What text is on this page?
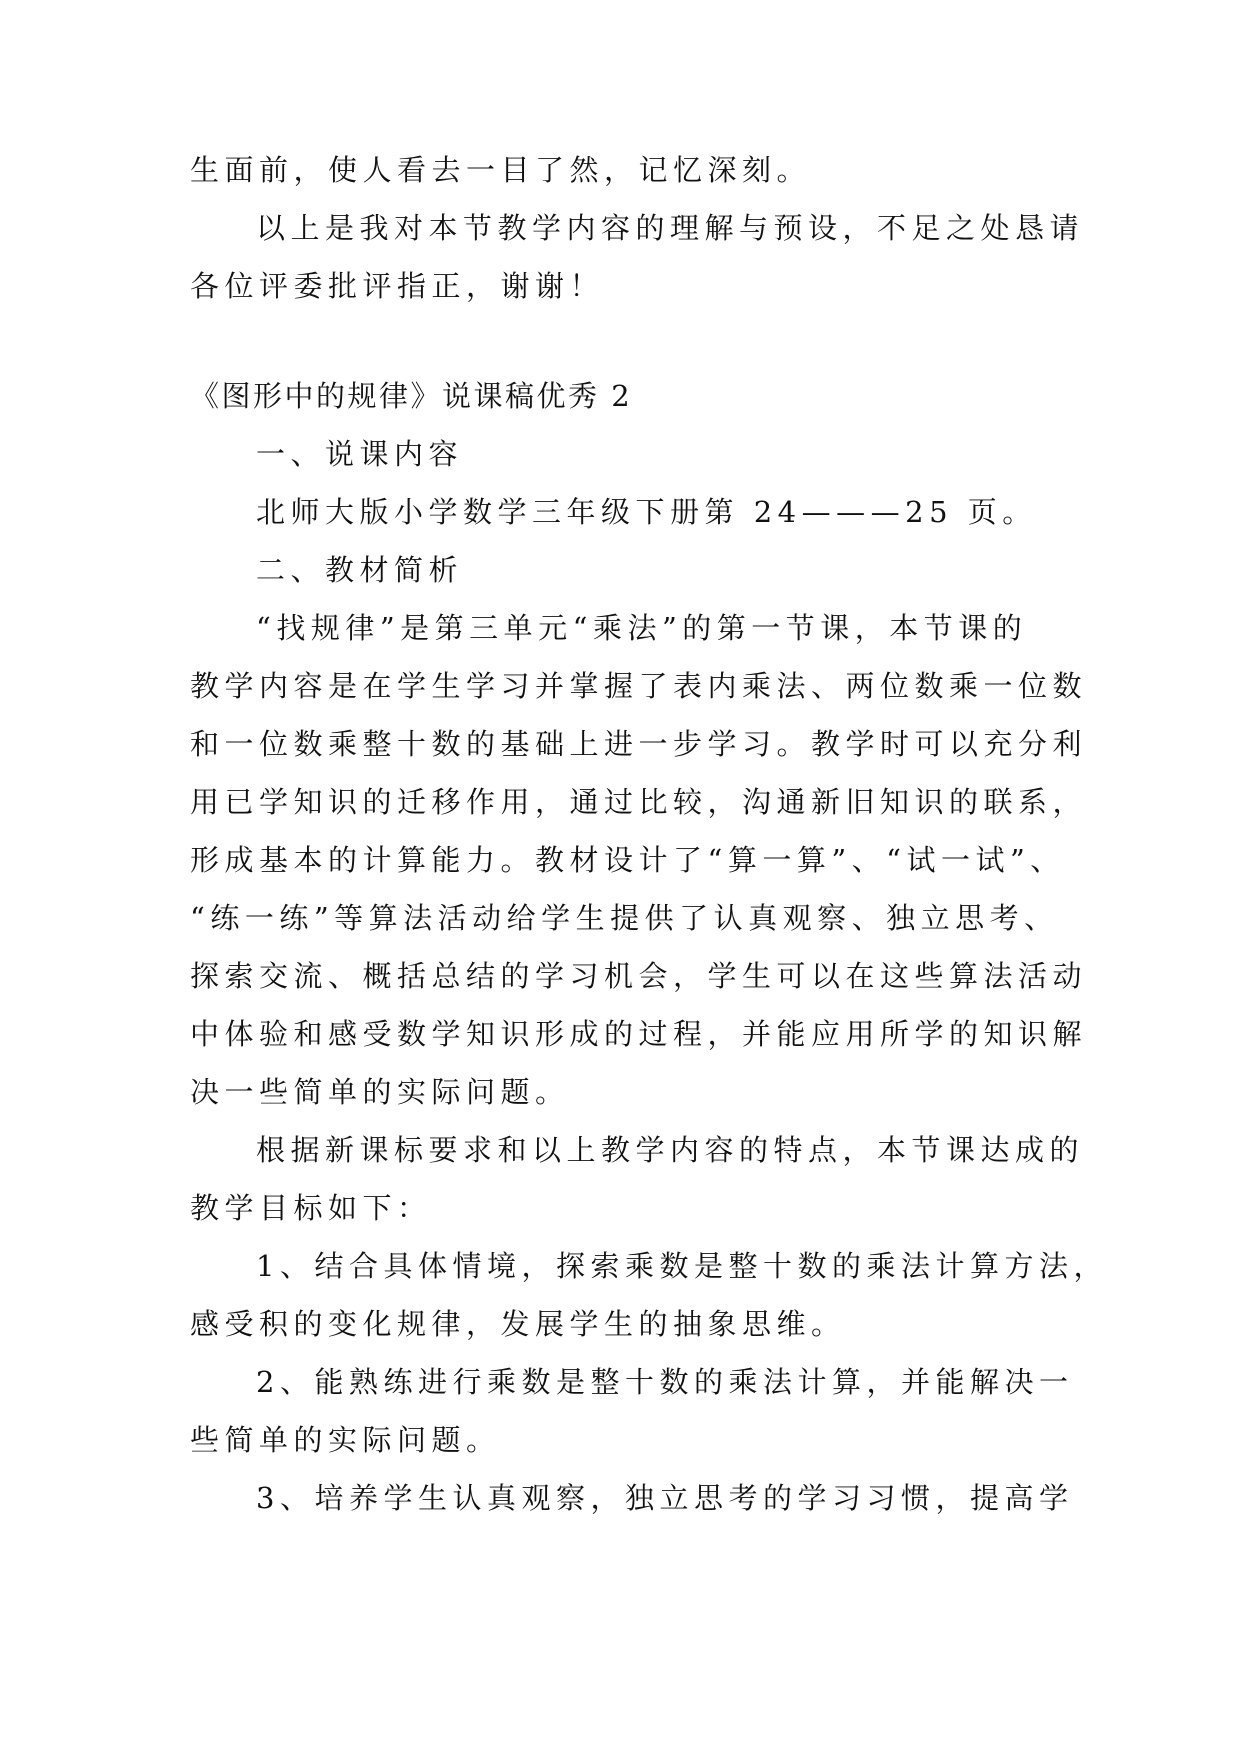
生面前，使人看去一目了然，记忆深刻。

以上是我对本节教学内容的理解与预设，不足之处恳请

各位评委批评指正，谢谢！

《图形中的规律》说课稿优秀 2

一、说课内容

北师大版小学数学三年级下册第 24———25 页。

二、教材简析

“找规律”是第三单元“乘法”的第一节课，本节课的

教学内容是在学生学习并掌握了表内乘法、两位数乘一位数

和一位数乘整十数的基础上进一步学习。教学时可以充分利

用已学知识的迁移作用，通过比较，沟通新旧知识的联系，

形成基本的计算能力。教材设计了“算一算”、“试一试”、

“练一练”等算法活动给学生提供了认真观察、独立思考、

探索交流、概括总结的学习机会，学生可以在这些算法活动

中体验和感受数学知识形成的过程，并能应用所学的知识解

决一些简单的实际问题。

根据新课标要求和以上教学内容的特点，本节课达成的

教学目标如下：

1、结合具体情境，探索乘数是整十数的乘法计算方法，

感受积的变化规律，发展学生的抽象思维。

2、能熟练进行乘数是整十数的乘法计算，并能解决一

些简单的实际问题。

3、培养学生认真观察，独立思考的学习习惯，提高学
